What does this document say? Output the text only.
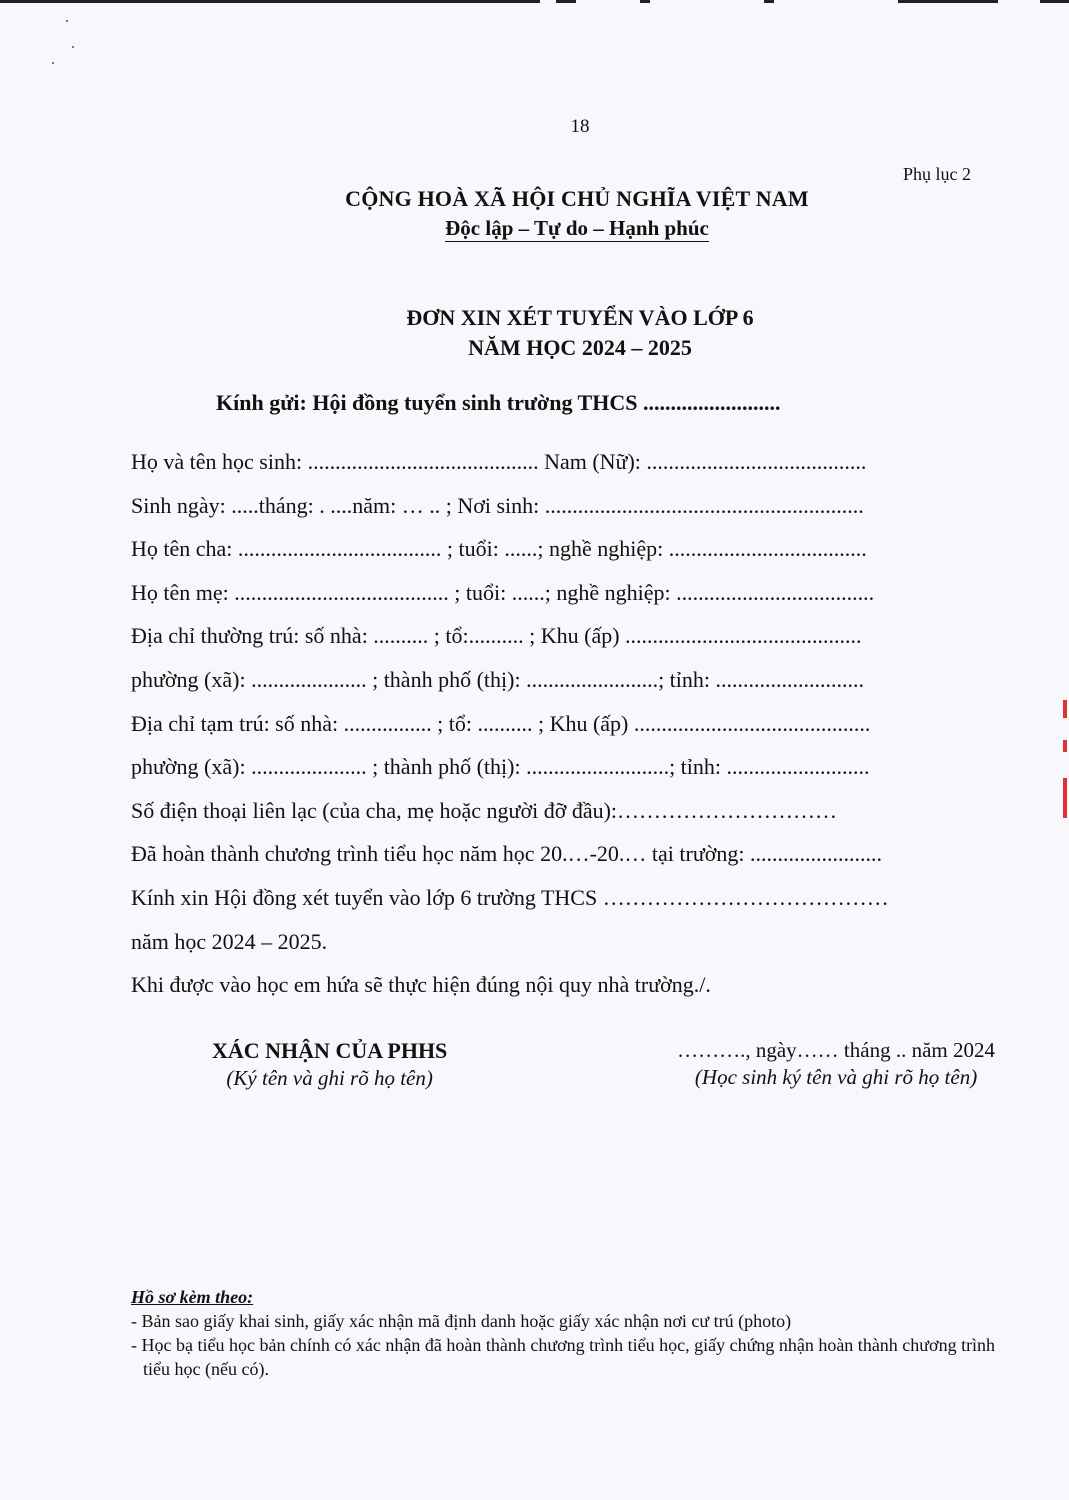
18
Phụ lục 2
CỘNG HOÀ XÃ HỘI CHỦ NGHĨA VIỆT NAM
Độc lập – Tự do – Hạnh phúc
ĐƠN XIN XÉT TUYỂN VÀO LỚP 6
NĂM HỌC 2024 – 2025
Kính gửi: Hội đồng tuyển sinh trường THCS .........................
Họ và tên học sinh: .......................................... Nam (Nữ): ........................................
Sinh ngày: .....tháng: . ....năm: … .. ; Nơi sinh: ..........................................................
Họ tên cha: ..................................... ; tuổi: ......; nghề nghiệp: ....................................
Họ tên mẹ: ....................................... ; tuổi: ......; nghề nghiệp: ....................................
Địa chỉ thường trú: số nhà: .......... ; tổ:.......... ; Khu (ấp) ...........................................
phường (xã): ..................... ; thành phố (thị): ........................; tỉnh: ...........................
Địa chỉ tạm trú: số nhà: ................ ; tổ: .......... ; Khu (ấp) ...........................................
phường (xã): ..................... ; thành phố (thị): ..........................; tỉnh: ..........................
Số điện thoại liên lạc (của cha, mẹ hoặc người đỡ đầu):…………………………
Đã hoàn thành chương trình tiểu học năm học 20.…-20.… tại trường: ........................
Kính xin Hội đồng xét tuyển vào lớp 6 trường THCS …………………………………
năm học 2024 – 2025.
Khi được vào học em hứa sẽ thực hiện đúng nội quy nhà trường./.
XÁC NHẬN CỦA PHHS
(Ký tên và ghi rõ họ tên)
………., ngày…… tháng .. năm 2024
(Học sinh ký tên và ghi rõ họ tên)
Hồ sơ kèm theo:
- Bản sao giấy khai sinh, giấy xác nhận mã định danh hoặc giấy xác nhận nơi cư trú (photo)
- Học bạ tiểu học bản chính có xác nhận đã hoàn thành chương trình tiểu học, giấy chứng nhận hoàn thành chương trình tiểu học (nếu có).
